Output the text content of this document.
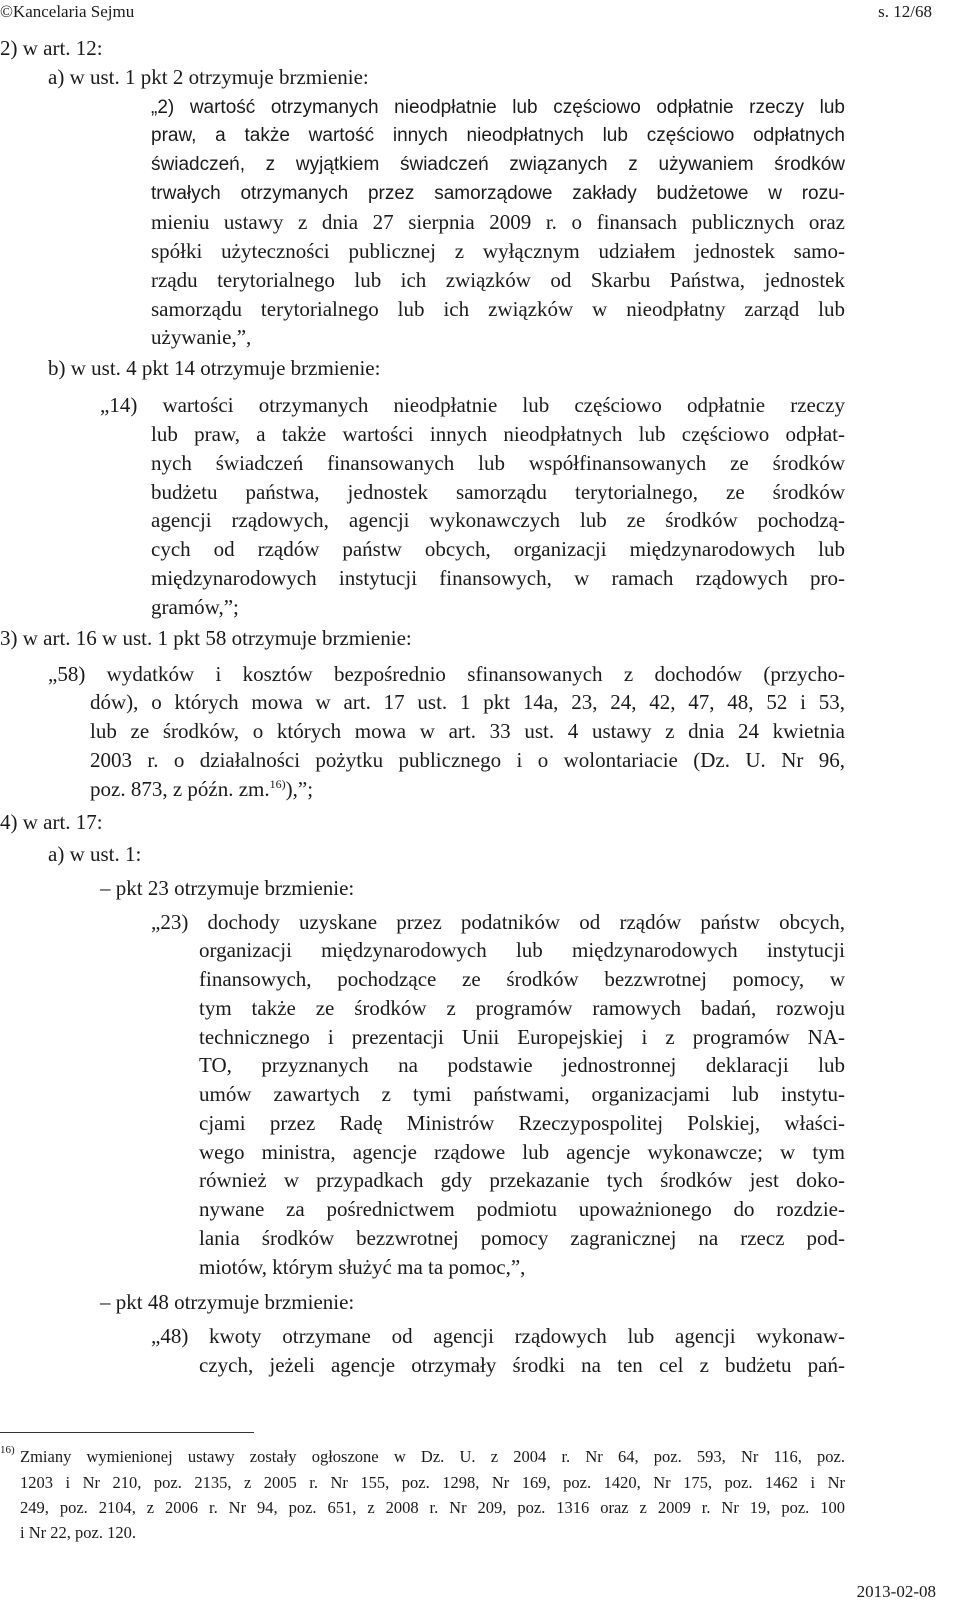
©Kancelaria Sejmu	s. 12/68
2) w art. 12:
a) w ust. 1 pkt 2 otrzymuje brzmienie:
„2) wartość otrzymanych nieodpłatnie lub częściowo odpłatnie rzeczy lub
praw, a także wartość innych nieodpłatnych lub częściowo odpłatnych
świadczeń, z wyjątkiem świadczeń związanych z używaniem środków
trwałych otrzymanych przez samorządowe zakłady budżetowe w rozu-
mieniu ustawy z dnia 27 sierpnia 2009 r. o finansach publicznych oraz
spółki użyteczności publicznej z wyłącznym udziałem jednostek samo-
rządu terytorialnego lub ich związków od Skarbu Państwa, jednostek
samorządu terytorialnego lub ich związków w nieodpłatny zarząd lub
używanie,”,
b) w ust. 4 pkt 14 otrzymuje brzmienie:
„14) wartości otrzymanych nieodpłatnie lub częściowo odpłatnie rzeczy
lub praw, a także wartości innych nieodpłatnych lub częściowo odpłat-
nych świadczeń finansowanych lub współfinansowanych ze środków
budżetu państwa, jednostek samorządu terytorialnego, ze środków
agencji rządowych, agencji wykonawczych lub ze środków pochodzą-
cych od rządów państw obcych, organizacji międzynarodowych lub
międzynarodowych instytucji finansowych, w ramach rządowych pro-
gramów,”;
3) w art. 16 w ust. 1 pkt 58 otrzymuje brzmienie:
„58) wydatków i kosztów bezpośrednio sfinansowanych z dochodów (przycho-
dów), o których mowa w art. 17 ust. 1 pkt 14a, 23, 24, 42, 47, 48, 52 i 53,
lub ze środków, o których mowa w art. 33 ust. 4 ustawy z dnia 24 kwietnia
2003 r. o działalności pożytku publicznego i o wolontariacie (Dz. U. Nr 96,
poz. 873, z późn. zm.$^{16)}$),”;
4) w art. 17:
a) w ust. 1:
– pkt 23 otrzymuje brzmienie:
„23) dochody uzyskane przez podatników od rządów państw obcych,
organizacji międzynarodowych lub międzynarodowych instytucji
finansowych, pochodzące ze środków bezzwrotnej pomocy, w
tym także ze środków z programów ramowych badań, rozwoju
technicznego i prezentacji Unii Europejskiej i z programów NA-
TO, przyznanych na podstawie jednostronnej deklaracji lub
umów zawartych z tymi państwami, organizacjami lub instytu-
cjami przez Radę Ministrów Rzeczypospolitej Polskiej, właści-
wego ministra, agencje rządowe lub agencje wykonawcze; w tym
również w przypadkach gdy przekazanie tych środków jest doko-
nywane za pośrednictwem podmiotu upoważnionego do rozdzie-
lania środków bezzwrotnej pomocy zagranicznej na rzecz pod-
miotów, którym służyć ma ta pomoc,”,
– pkt 48 otrzymuje brzmienie:
„48) kwoty otrzymane od agencji rządowych lub agencji wykonaw-
czych, jeżeli agencje otrzymały środki na ten cel z budżetu pań-
16) Zmiany wymienionej ustawy zostały ogłoszone w Dz. U. z 2004 r. Nr 64, poz. 593, Nr 116, poz.
1203 i Nr 210, poz. 2135, z 2005 r. Nr 155, poz. 1298, Nr 169, poz. 1420, Nr 175, poz. 1462 i Nr
249, poz. 2104, z 2006 r. Nr 94, poz. 651, z 2008 r. Nr 209, poz. 1316 oraz z 2009 r. Nr 19, poz. 100
i Nr 22, poz. 120.
2013-02-08
